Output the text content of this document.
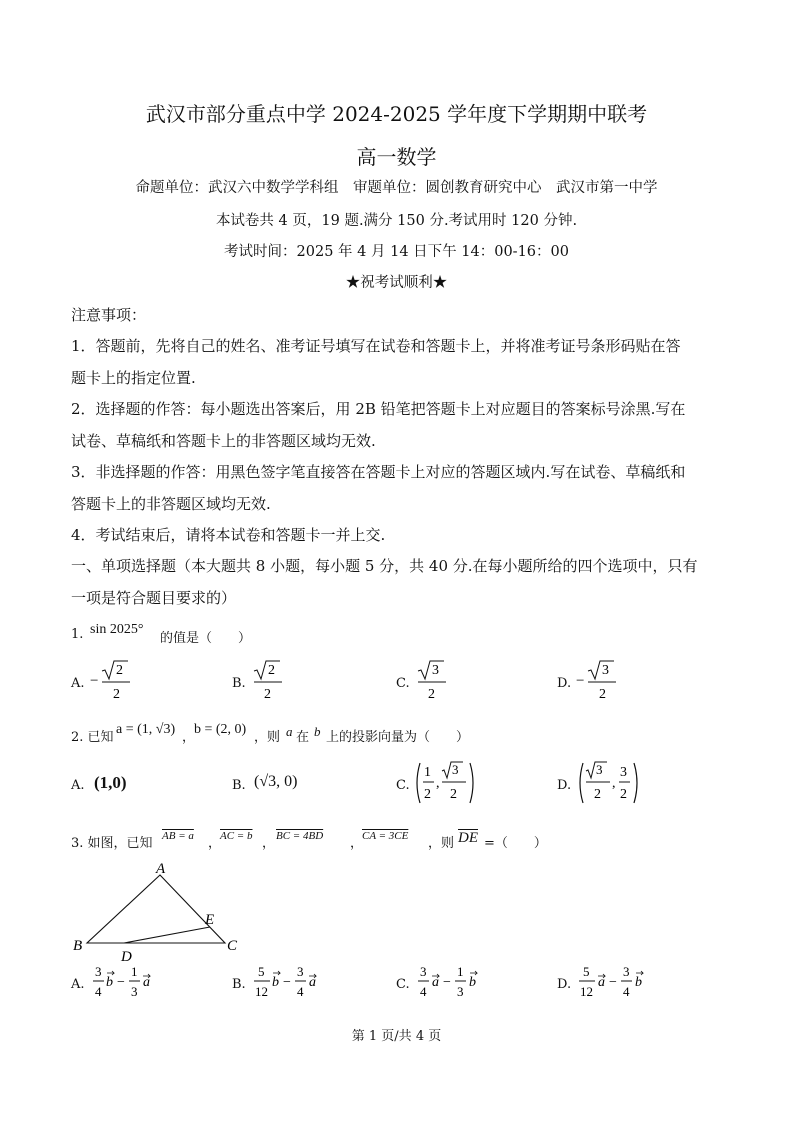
武汉市部分重点中学 2024-2025 学年度下学期期中联考
高一数学
命题单位：武汉六中数学学科组　审题单位：圆创教育研究中心　武汉市第一中学
本试卷共 4 页，19 题.满分 150 分.考试用时 120 分钟.
考试时间：2025 年 4 月 14 日下午 14：00-16：00
★祝考试顺利★
注意事项：
1．答题前，先将自己的姓名、准考证号填写在试卷和答题卡上，并将准考证号条形码贴在答
题卡上的指定位置.
2．选择题的作答：每小题选出答案后，用 2B 铅笔把答题卡上对应题目的答案标号涂黑.写在
试卷、草稿纸和答题卡上的非答题区域均无效.
3．非选择题的作答：用黑色签字笔直接答在答题卡上对应的答题区域内.写在试卷、草稿纸和
答题卡上的非答题区域均无效.
4．考试结束后，请将本试卷和答题卡一并上交.
一、单项选择题（本大题共 8 小题，每小题 5 分，共 40 分.在每小题所给的四个选项中，只有
一项是符合题目要求的）
1. sin 2025°
的值是（　　）
A.	B.	C.	D.
−
2
2
2
2
3
2
−
3
2
2. 已知
a = (1, √3)
，
b = (2, 0)
，则 a 在 b 上的投影向量为（　　）
A. (1,0)	B. (√3, 0)	C.
1
2
,
3
2
D.
3
2
,
3
2
3. 如图，已知 AB = a ，
AC = b ， BC = 4BD ，
CA = 3CE ，则 $\overline{DE}$ =（　　）
A
B	C
D
E
A.	B.	C.	D.
3
4
b −
1
3
a
5
12
b −
3
4
a
3
4
a −
1
3
b
5
12
a −
3
4
b
第 1 页/共 4 页
